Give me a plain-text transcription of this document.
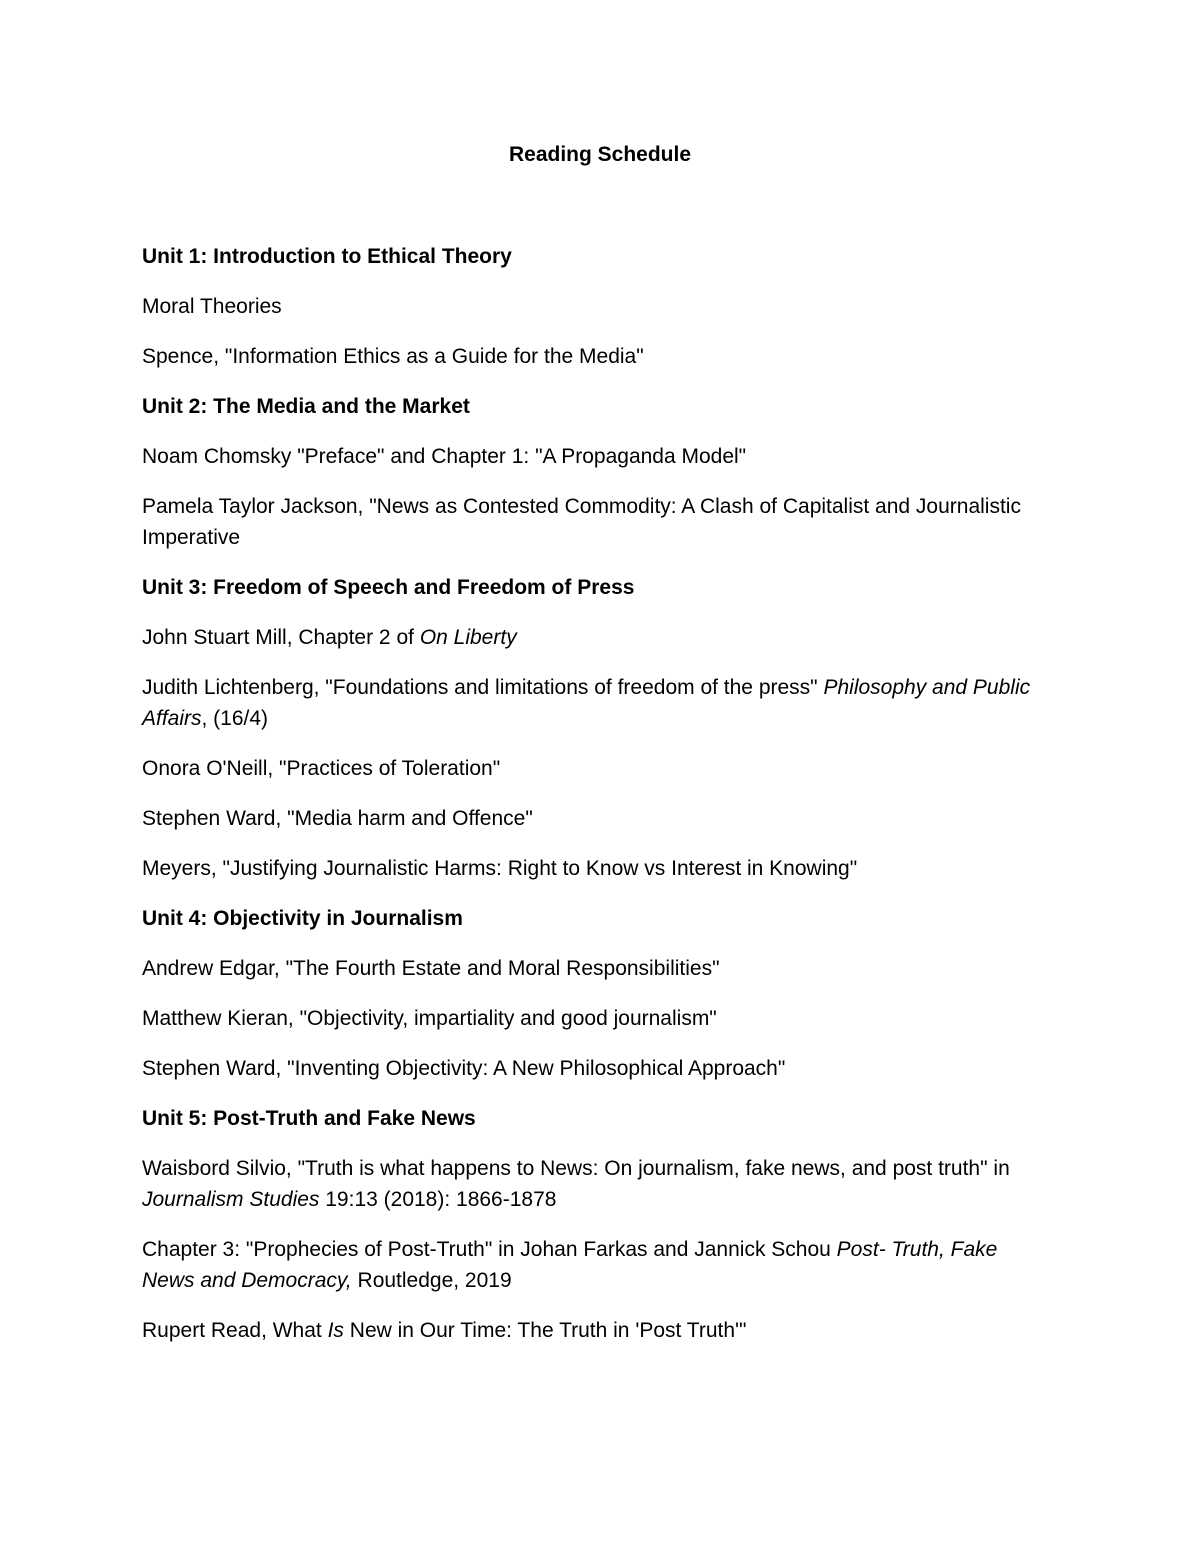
Reading Schedule
Unit 1: Introduction to Ethical Theory
Moral Theories
Spence, "Information Ethics as a Guide for the Media"
Unit 2: The Media and the Market
Noam Chomsky "Preface" and Chapter 1: "A Propaganda Model"
Pamela Taylor Jackson, "News as Contested Commodity: A Clash of Capitalist and Journalistic Imperative
Unit 3: Freedom of Speech and Freedom of Press
John Stuart Mill, Chapter 2 of On Liberty
Judith Lichtenberg, "Foundations and limitations of freedom of the press" Philosophy and Public Affairs, (16/4)
Onora O'Neill, "Practices of Toleration"
Stephen Ward, "Media harm and Offence"
Meyers, "Justifying Journalistic Harms: Right to Know vs Interest in Knowing"
Unit 4: Objectivity in Journalism
Andrew Edgar, "The Fourth Estate and Moral Responsibilities"
Matthew Kieran, "Objectivity, impartiality and good journalism"
Stephen Ward, "Inventing Objectivity: A New Philosophical Approach"
Unit 5: Post-Truth and Fake News
Waisbord Silvio, "Truth is what happens to News: On journalism, fake news, and post truth" in Journalism Studies 19:13 (2018): 1866-1878
Chapter 3: "Prophecies of Post-Truth" in Johan Farkas and Jannick Schou Post- Truth, Fake News and Democracy, Routledge, 2019
Rupert Read, What Is New in Our Time: The Truth in 'Post Truth'"
